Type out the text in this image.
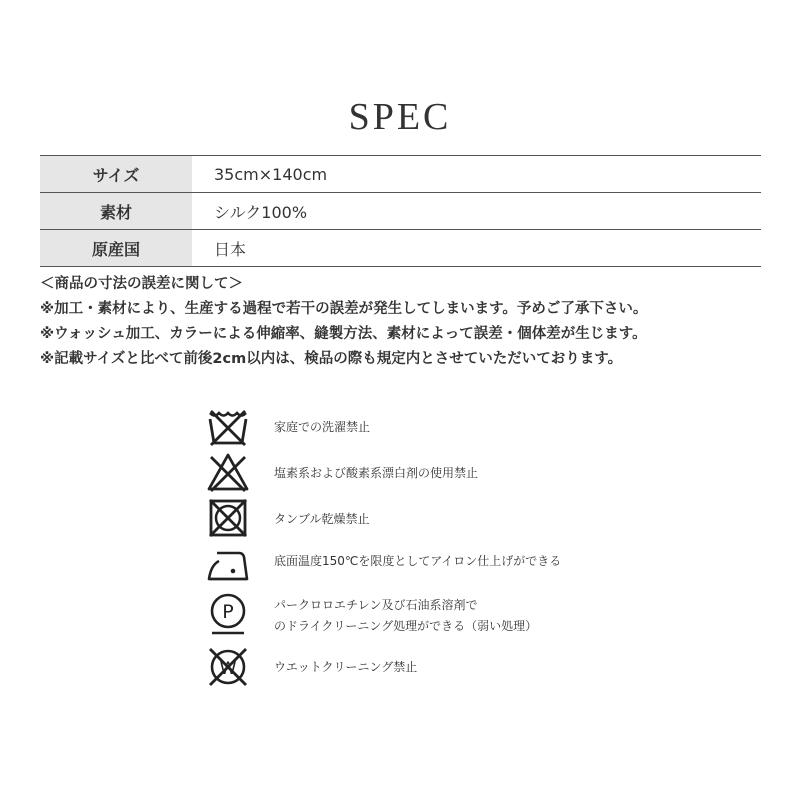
SPEC
サイズ	35cm×140cm
素材	シルク100%
原産国	日本
＜商品の寸法の誤差に関して＞
※加工・素材により、生産する過程で若干の誤差が発生してしまいます。予めご了承下さい。
※ウォッシュ加工、カラーによる伸縮率、縫製方法、素材によって誤差・個体差が生じます。
※記載サイズと比べて前後2cm以内は、検品の際も規定内とさせていただいております。
家庭での洗濯禁止
塩素系および酸素系漂白剤の使用禁止
タンブル乾燥禁止
底面温度150℃を限度としてアイロン仕上げができる
P	パークロロエチレン及び石油系溶剤で
のドライクリーニング処理ができる（弱い処理）
W	ウエットクリーニング禁止
